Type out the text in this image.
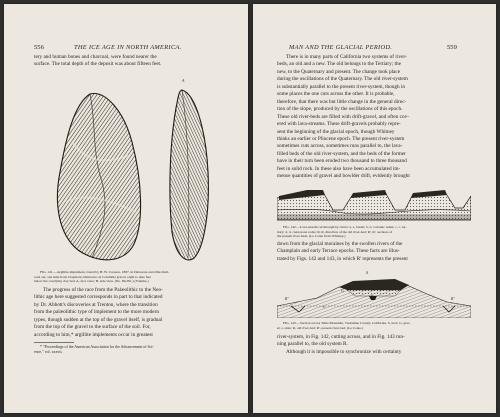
556	THE ICE AGE IN NORTH AMERICA.

tery and human bones and charcoal, were found nearer the

surface. The total depth of the deposit was about fifteen feet.

A

FIG. 141.—Argillite implement, found by H. W. Cresson, 1887, in Delaware and Ohio Rail-

road cut, one mile from Claymont, Delaware, in Columbia gravel, eight to nine feet

below the overlying clay bed. A, face view; B, side view. (No. 69,281.) (Volume.)

The progress of the race from the Palæolithic to the Neo-

lithic age here suggested corresponds in part to that indicated

by Dr. Abbott's discoveries at Trenton, where the transition

from the palæolithic type of implement to the more modern

types, though sudden at the top of the gravel itself, is gradual

from the top of the gravel to the surface of the soil. For,

according to him,* argillite implements occur in greatest

* "Proceedings of the American Association for the Advancement of Sci-

ence," vol. xxxvii.

MAN AND THE GLACIAL PERIOD.	559

There is in many parts of California two systems of river-

beds, an old and a new. The old belongs to the Tertiary; the

new, to the Quaternary and present. The change took place

during the oscillations of the Quaternary. The old river-system

is substantially parallel to the present river-system, though in

some places the one cuts across the other. It is probable,

therefore, that there was but little change in the general direc-

tion of the slope, produced by the oscillations of this epoch.

These old river-beds are filled with drift-gravel, and often cov-

ered with lava-streams. These drift-gravels probably repre-

sent the beginning of the glacial epoch, though Whitney

thinks an earlier or Pliocene epoch. The present river-system

sometimes cuts across, sometimes runs parallel to, the lava-

filled beds of the old river-system, and the beds of the former

have in their turn been eroded two thousand to three thousand

feet in solid rock. In these also have been accumulated im-

mense quantities of gravel and bowlder drift, evidently brought

FIG. 142.—Lava-stream cut through by rivers: a, a, basalt; b, b, volcanic ashes; c, c, ter-

tiary; d, d, cretaceous rocks; R, R, direction of the old river-bed; R', R', sections of

the present river-beds. (Le Conte from Whitney.)

down from the glacial moraines by the swollen rivers of the

Champlain and early Terrace epochs. These facts are illus-

trated by Figs. 142 and 143, in which R' represents the present

S
R
G
s
R'	R'

FIG. 143.—Section across Table Mountain, Tuolumne County, California. S, lava; G, grav-

el; s, slate; R, old river-bed; R', present river-bed. (Le Conte.)

river-system, in Fig. 142, cutting across, and in Fig. 143 run-

ning parallel to, the old system R.

Although it is impossible to synchronize with certainty
